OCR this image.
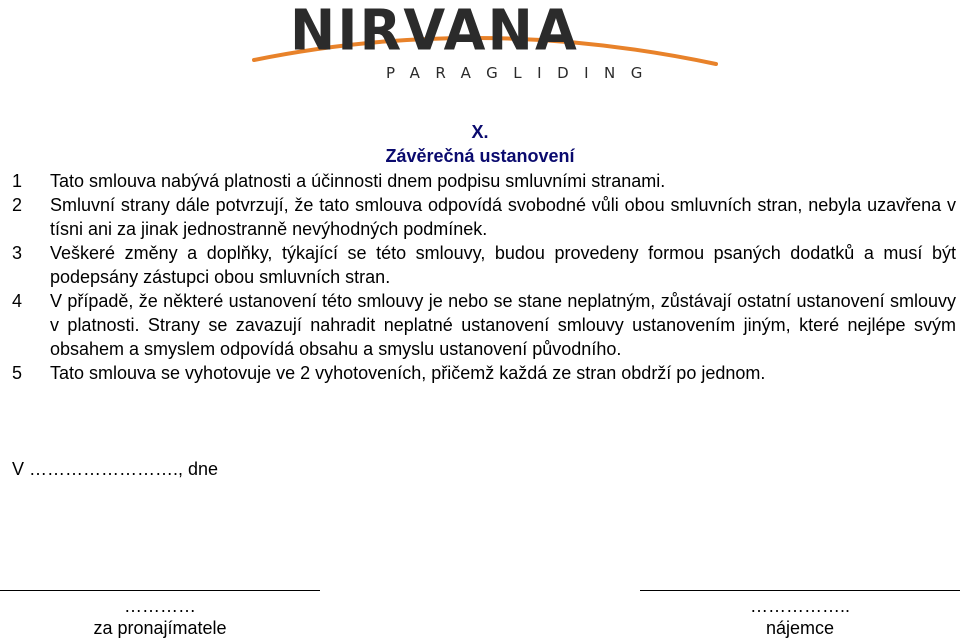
NIRVANA
PARAGLIDING
X.
Závěrečná ustanovení
1	Tato smlouva nabývá platnosti a účinnosti dnem podpisu smluvními stranami.
2	Smluvní strany dále potvrzují, že tato smlouva odpovídá svobodné vůli obou smluvních stran, nebyla uzavřena v tísni ani za jinak jednostranně nevýhodných podmínek.
3	Veškeré změny a doplňky, týkající se této smlouvy, budou provedeny formou psaných dodatků a musí být podepsány zástupci obou smluvních stran.
4	V případě, že některé ustanovení této smlouvy je nebo se stane neplatným, zůstávají ostatní ustanovení smlouvy v platnosti. Strany se zavazují nahradit neplatné ustanovení smlouvy ustanovením jiným, které nejlépe svým obsahem a smyslem odpovídá obsahu a smyslu ustanovení původního.
5	Tato smlouva se vyhotovuje ve 2 vyhotoveních, přičemž každá ze stran obdrží po jednom.
V ……………………., dne
…………
za pronajímatele
……………..
nájemce
